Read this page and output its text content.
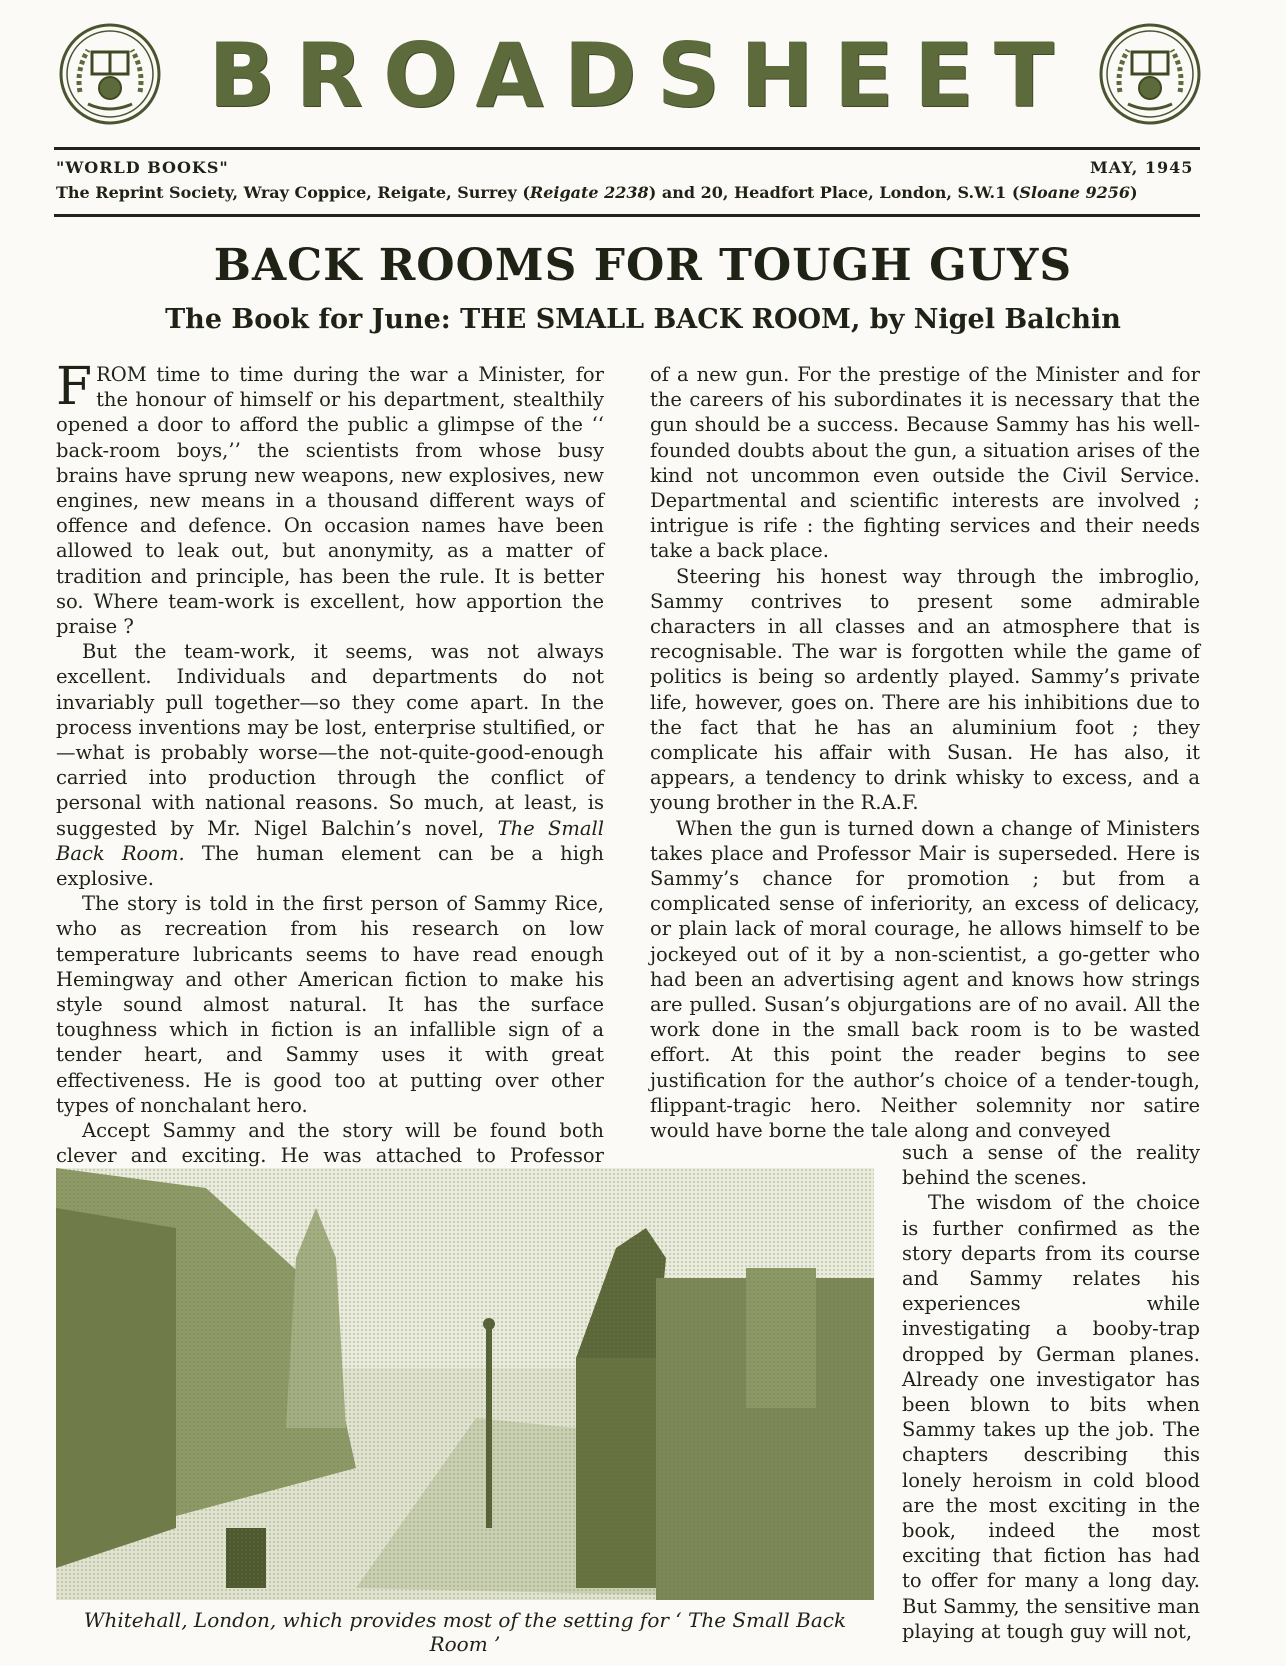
BROADSHEET
"WORLD BOOKS"	MAY, 1945
The Reprint Society, Wray Coppice, Reigate, Surrey (Reigate 2238) and 20, Headfort Place, London, S.W.1 (Sloane 9256)
BACK ROOMS FOR TOUGH GUYS
The Book for June: THE SMALL BACK ROOM, by Nigel Balchin

FROM time to time during the war a Minister, for the honour of himself or his department, stealthily opened a door to afford the public a glimpse of the ‘‘ back-room boys,’’ the scientists from whose busy brains have sprung new weapons, new explosives, new engines, new means in a thousand different ways of offence and defence. On occasion names have been allowed to leak out, but anonymity, as a matter of tradition and principle, has been the rule. It is better so. Where team-work is excellent, how apportion the praise ?

But the team-work, it seems, was not always excellent. Individuals and departments do not invariably pull together—so they come apart. In the process inventions may be lost, enterprise stultified, or—what is probably worse—the not-quite-good-enough carried into production through the conflict of personal with national reasons. So much, at least, is suggested by Mr. Nigel Balchin’s novel, The Small Back Room. The human element can be a high explosive.

The story is told in the first person of Sammy Rice, who as recreation from his research on low temperature lubricants seems to have read enough Hemingway and other American fiction to make his style sound almost natural. It has the surface toughness which in fiction is an infallible sign of a tender heart, and Sammy uses it with great effectiveness. He is good too at putting over other types of nonchalant hero.

Accept Sammy and the story will be found both clever and exciting. He was attached to Professor

of a new gun. For the prestige of the Minister and for the careers of his subordinates it is necessary that the gun should be a success. Because Sammy has his well-founded doubts about the gun, a situation arises of the kind not uncommon even outside the Civil Service. Departmental and scientific interests are involved ; intrigue is rife : the fighting services and their needs take a back place.

Steering his honest way through the imbroglio, Sammy contrives to present some admirable characters in all classes and an atmosphere that is recognisable. The war is forgotten while the game of politics is being so ardently played. Sammy’s private life, however, goes on. There are his inhibitions due to the fact that he has an aluminium foot ; they complicate his affair with Susan. He has also, it appears, a tendency to drink whisky to excess, and a young brother in the R.A.F.

When the gun is turned down a change of Ministers takes place and Professor Mair is superseded. Here is Sammy’s chance for promotion ; but from a complicated sense of inferiority, an excess of delicacy, or plain lack of moral courage, he allows himself to be jockeyed out of it by a non-scientist, a go-getter who had been an advertising agent and knows how strings are pulled. Susan’s objurgations are of no avail. All the work done in the small back room is to be wasted effort. At this point the reader begins to see justification for the author’s choice of a tender-tough, flippant-tragic hero. Neither solemnity nor satire would have borne the tale along and conveyed

such a sense of the reality behind the scenes.

The wisdom of the choice is further confirmed as the story departs from its course and Sammy relates his experiences while investigating a booby-trap dropped by German planes. Already one investigator has been blown to bits when Sammy takes up the job. The chapters describing this lonely heroism in cold blood are the most exciting in the book, indeed the most exciting that fiction has had to offer for many a long day. But Sammy, the sensitive man playing at tough guy will not,

Whitehall, London, which provides most of the setting for ‘ The Small Back Room ’
